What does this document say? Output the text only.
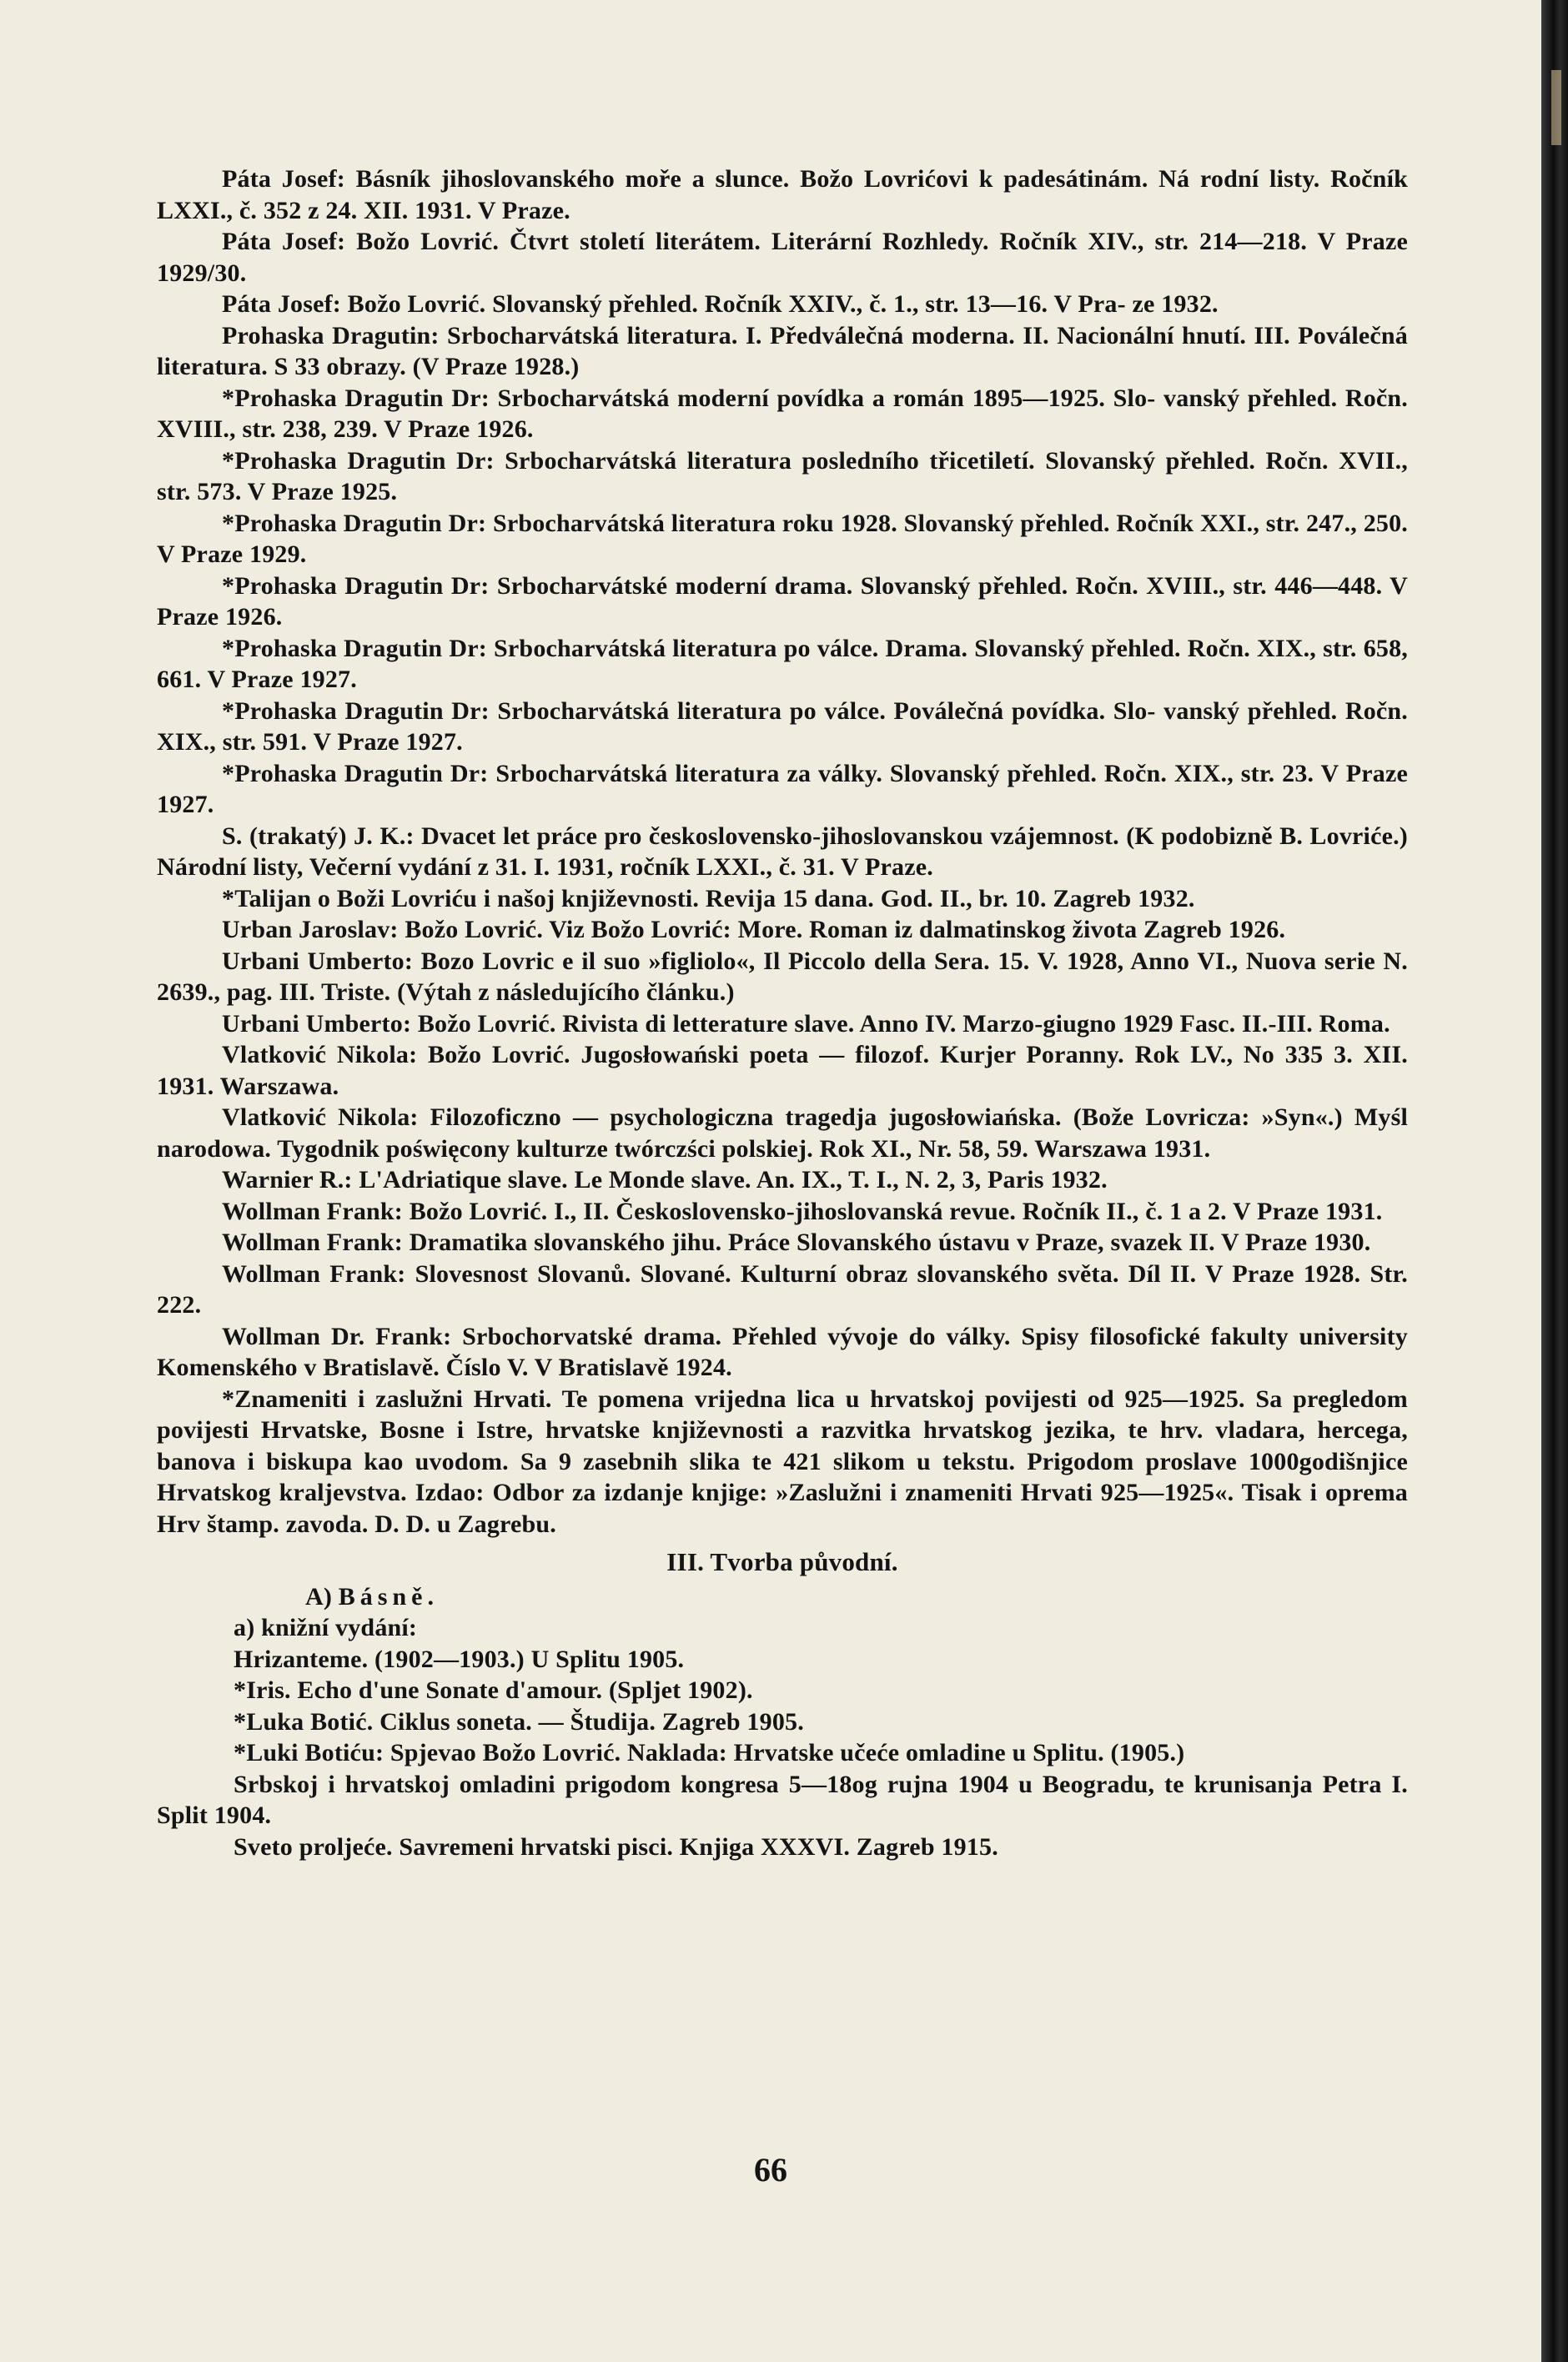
Páta Josef: Básník jihoslovanského moře a slunce. Božo Lovrićovi k padesátinám. Ná rodní listy. Ročník LXXI., č. 352 z 24. XII. 1931. V Praze.

Páta Josef: Božo Lovrić. Čtvrt století literátem. Literární Rozhledy. Ročník XIV., str. 214—218. V Praze 1929/30.

Páta Josef: Božo Lovrić. Slovanský přehled. Ročník XXIV., č. 1., str. 13—16. V Pra- ze 1932.

Prohaska Dragutin: Srbocharvátská literatura. I. Předválečná moderna. II. Nacionální hnutí. III. Poválečná literatura. S 33 obrazy. (V Praze 1928.)

*Prohaska Dragutin Dr: Srbocharvátská moderní povídka a román 1895—1925. Slo- vanský přehled. Ročn. XVIII., str. 238, 239. V Praze 1926.

*Prohaska Dragutin Dr: Srbocharvátská literatura posledního třicetiletí. Slovanský přehled. Ročn. XVII., str. 573. V Praze 1925.

*Prohaska Dragutin Dr: Srbocharvátská literatura roku 1928. Slovanský přehled. Ročník XXI., str. 247., 250. V Praze 1929.

*Prohaska Dragutin Dr: Srbocharvátské moderní drama. Slovanský přehled. Ročn. XVIII., str. 446—448. V Praze 1926.

*Prohaska Dragutin Dr: Srbocharvátská literatura po válce. Drama. Slovanský přehled. Ročn. XIX., str. 658, 661. V Praze 1927.

*Prohaska Dragutin Dr: Srbocharvátská literatura po válce. Poválečná povídka. Slo- vanský přehled. Ročn. XIX., str. 591. V Praze 1927.

*Prohaska Dragutin Dr: Srbocharvátská literatura za války. Slovanský přehled. Ročn. XIX., str. 23. V Praze 1927.

S. (trakatý) J. K.: Dvacet let práce pro československo-jihoslovanskou vzájemnost. (K podobizně B. Lovriće.) Národní listy, Večerní vydání z 31. I. 1931, ročník LXXI., č. 31. V Praze.

*Talijan o Boži Lovriću i našoj književnosti. Revija 15 dana. God. II., br. 10. Zagreb 1932.

Urban Jaroslav: Božo Lovrić. Viz Božo Lovrić: More. Roman iz dalmatinskog života Zagreb 1926.

Urbani Umberto: Bozo Lovric e il suo »figliolo«, Il Piccolo della Sera. 15. V. 1928, Anno VI., Nuova serie N. 2639., pag. III. Triste. (Výtah z následujícího článku.)

Urbani Umberto: Božo Lovrić. Rivista di letterature slave. Anno IV. Marzo-giugno 1929 Fasc. II.-III. Roma.

Vlatković Nikola: Božo Lovrić. Jugosłowański poeta — filozof. Kurjer Poranny. Rok LV., No 335 3. XII. 1931. Warszawa.

Vlatković Nikola: Filozoficzno — psychologiczna tragedja jugosłowiańska. (Bože Lovricza: »Syn«.) Myśl narodowa. Tygodnik poświęcony kulturze twórczści polskiej. Rok XI., Nr. 58, 59. Warszawa 1931.

Warnier R.: L'Adriatique slave. Le Monde slave. An. IX., T. I., N. 2, 3, Paris 1932.

Wollman Frank: Božo Lovrić. I., II. Československo-jihoslovanská revue. Ročník II., č. 1 a 2. V Praze 1931.

Wollman Frank: Dramatika slovanského jihu. Práce Slovanského ústavu v Praze, svazek II. V Praze 1930.

Wollman Frank: Slovesnost Slovanů. Slované. Kulturní obraz slovanského světa. Díl II. V Praze 1928. Str. 222.

Wollman Dr. Frank: Srbochorvatské drama. Přehled vývoje do války. Spisy filosofické fakulty university Komenského v Bratislavě. Číslo V. V Bratislavě 1924.

*Znameniti i zaslužni Hrvati. Te pomena vrijedna lica u hrvatskoj povijesti od 925—1925. Sa pregledom povijesti Hrvatske, Bosne i Istre, hrvatske književnosti a razvitka hrvatskog jezika, te hrv. vladara, hercega, banova i biskupa kao uvodom. Sa 9 zasebnih slika te 421 slikom u tekstu. Prigodom proslave 1000godišnjice Hrvatskog kraljevstva. Izdao: Odbor za izdanje knjige: »Zaslužni i znameniti Hrvati 925—1925«. Tisak i oprema Hrv štamp. zavoda. D. D. u Zagrebu.

III. Tvorba původní.
A) Básně.

a) knižní vydání:

Hrizanteme. (1902—1903.) U Splitu 1905.

*Iris. Echo d'une Sonate d'amour. (Spljet 1902).

*Luka Botić. Ciklus soneta. — Študija. Zagreb 1905.

*Luki Botiću: Spjevao Božo Lovrić. Naklada: Hrvatske učeće omladine u Splitu. (1905.)

Srbskoj i hrvatskoj omladini prigodom kongresa 5—18og rujna 1904 u Beogradu, te krunisanja Petra I. Split 1904.

Sveto proljeće. Savremeni hrvatski pisci. Knjiga XXXVI. Zagreb 1915.

66
